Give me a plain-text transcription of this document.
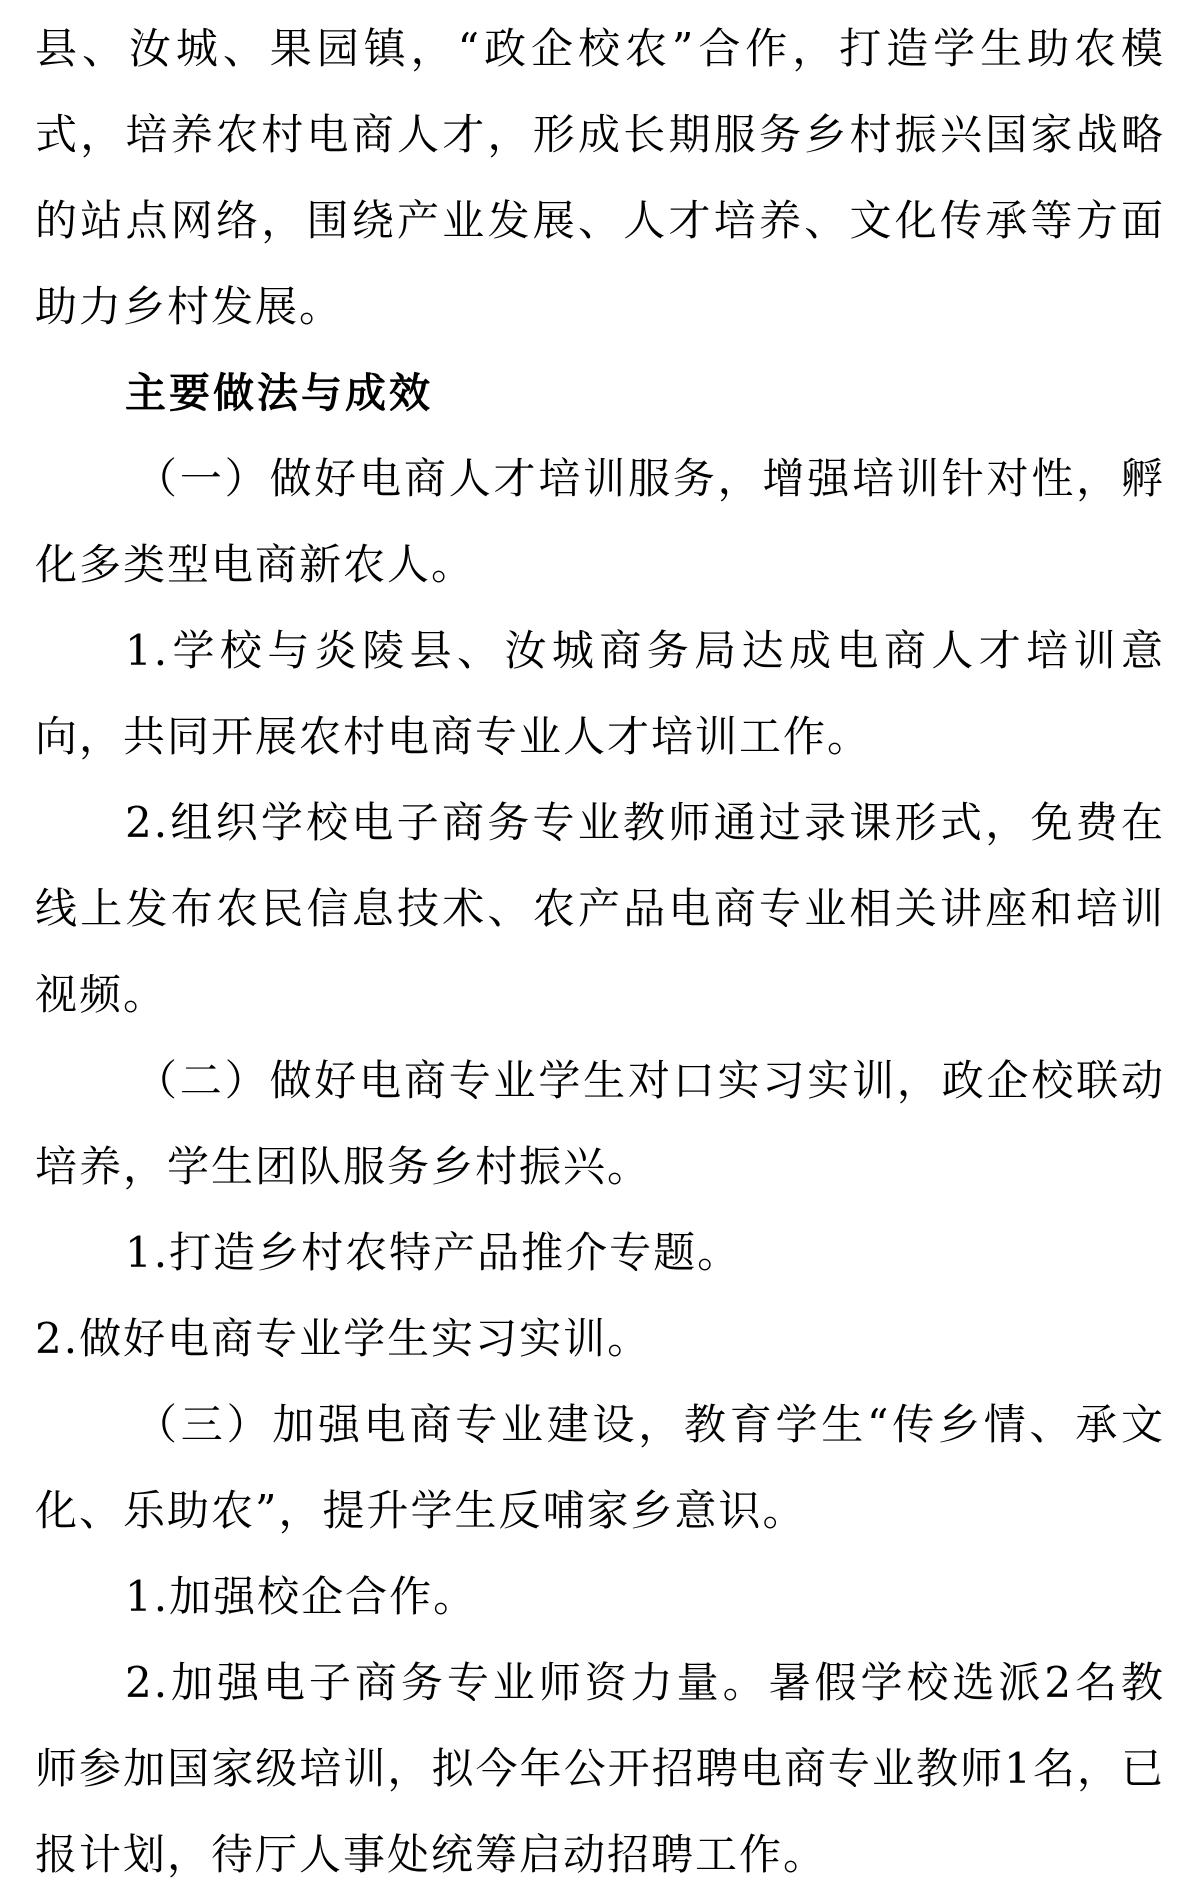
县、汝城、果园镇，“政企校农”合作，打造学生助农模式，培养农村电商人才，形成长期服务乡村振兴国家战略的站点网络，围绕产业发展、人才培养、文化传承等方面助力乡村发展。

主要做法与成效

（一）做好电商人才培训服务，增强培训针对性，孵化多类型电商新农人。

1.学校与炎陵县、汝城商务局达成电商人才培训意向，共同开展农村电商专业人才培训工作。

2.组织学校电子商务专业教师通过录课形式，免费在线上发布农民信息技术、农产品电商专业相关讲座和培训视频。

（二）做好电商专业学生对口实习实训，政企校联动培养，学生团队服务乡村振兴。

1.打造乡村农特产品推介专题。

2.做好电商专业学生实习实训。

（三）加强电商专业建设，教育学生“传乡情、承文化、乐助农”，提升学生反哺家乡意识。

1.加强校企合作。

2.加强电子商务专业师资力量。暑假学校选派2名教师参加国家级培训，拟今年公开招聘电商专业教师1名，已报计划，待厅人事处统筹启动招聘工作。
